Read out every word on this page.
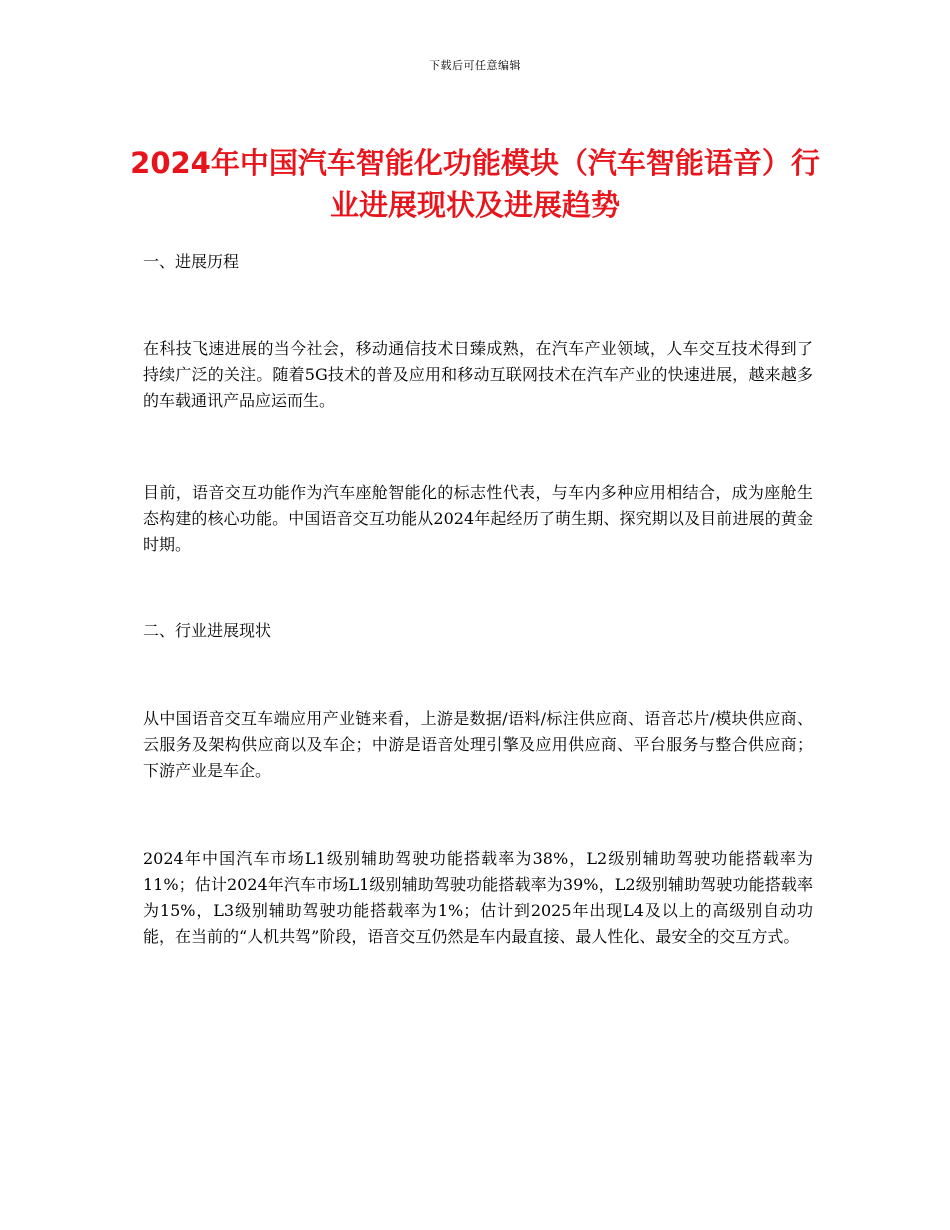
下载后可任意编辑
2024年中国汽车智能化功能模块（汽车智能语音）行业进展现状及进展趋势
一、进展历程

在科技飞速进展的当今社会，移动通信技术日臻成熟，在汽车产业领域，人车交互技术得到了持续广泛的关注。随着5G技术的普及应用和移动互联网技术在汽车产业的快速进展，越来越多的车载通讯产品应运而生。

目前，语音交互功能作为汽车座舱智能化的标志性代表，与车内多种应用相结合，成为座舱生态构建的核心功能。中国语音交互功能从2024年起经历了萌生期、探究期以及目前进展的黄金时期。

二、行业进展现状

从中国语音交互车端应用产业链来看，上游是数据/语料/标注供应商、语音芯片/模块供应商、云服务及架构供应商以及车企；中游是语音处理引擎及应用供应商、平台服务与整合供应商；下游产业是车企。

2024年中国汽车市场L1级别辅助驾驶功能搭载率为38%，L2级别辅助驾驶功能搭载率为11%；估计2024年汽车市场L1级别辅助驾驶功能搭载率为39%，L2级别辅助驾驶功能搭载率为15%，L3级别辅助驾驶功能搭载率为1%；估计到2025年出现L4及以上的高级别自动功能，在当前的“人机共驾”阶段，语音交互仍然是车内最直接、最人性化、最安全的交互方式。
